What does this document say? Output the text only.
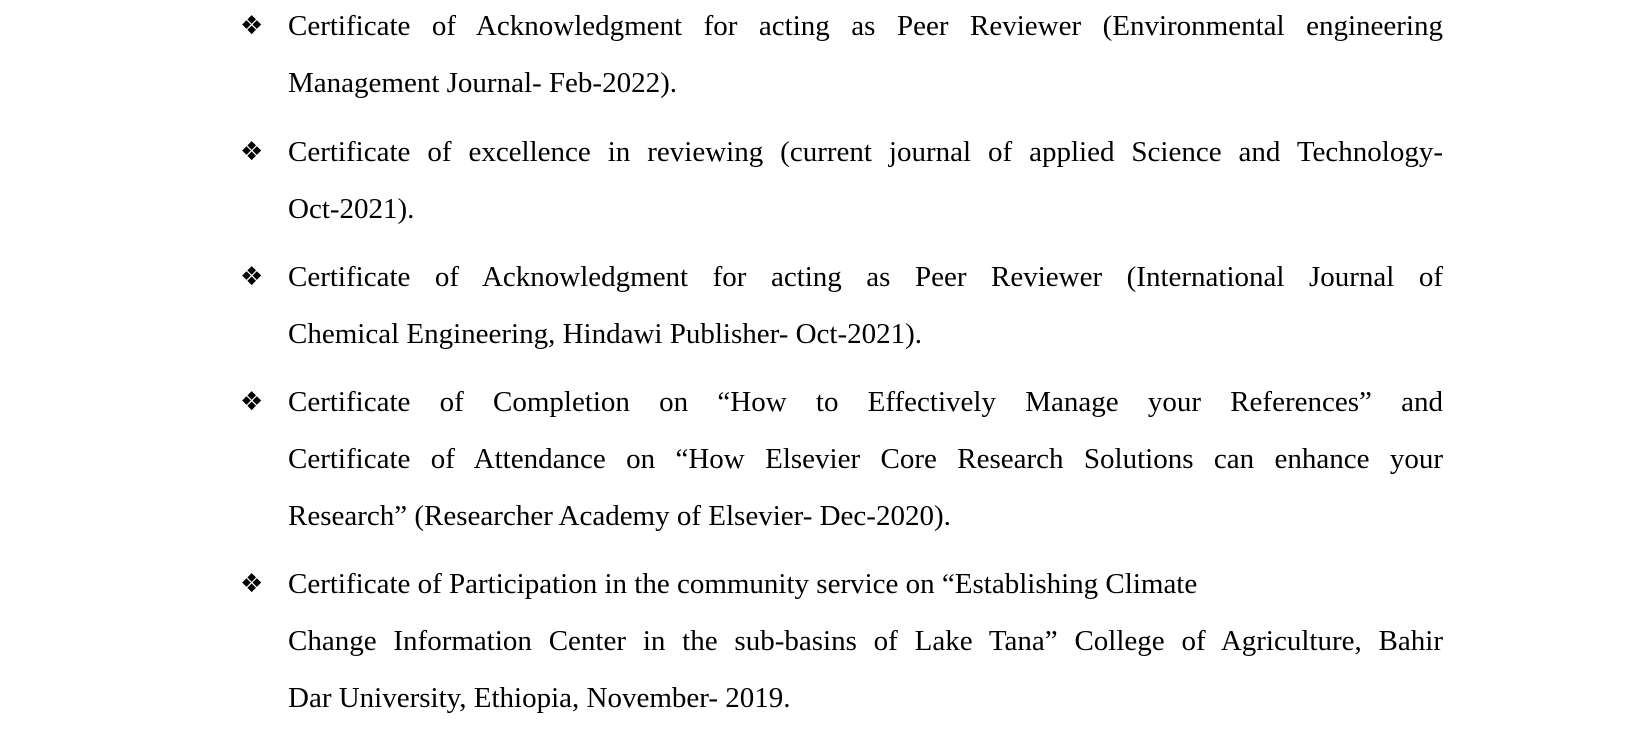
❖ Certificate of Acknowledgment for acting as Peer Reviewer (Environmental engineering
Management Journal- Feb-2022).
❖ Certificate of excellence in reviewing (current journal of applied Science and Technology-
Oct-2021).
❖ Certificate of Acknowledgment for acting as Peer Reviewer (International Journal of
Chemical Engineering, Hindawi Publisher- Oct-2021).
❖ Certificate of Completion on “How to Effectively Manage your References” and
Certificate of Attendance on “How Elsevier Core Research Solutions can enhance your
Research” (Researcher Academy of Elsevier- Dec-2020).
❖ Certificate of Participation in the community service on “Establishing Climate
Change Information Center in the sub-basins of Lake Tana” College of Agriculture, Bahir
Dar University, Ethiopia, November- 2019.
